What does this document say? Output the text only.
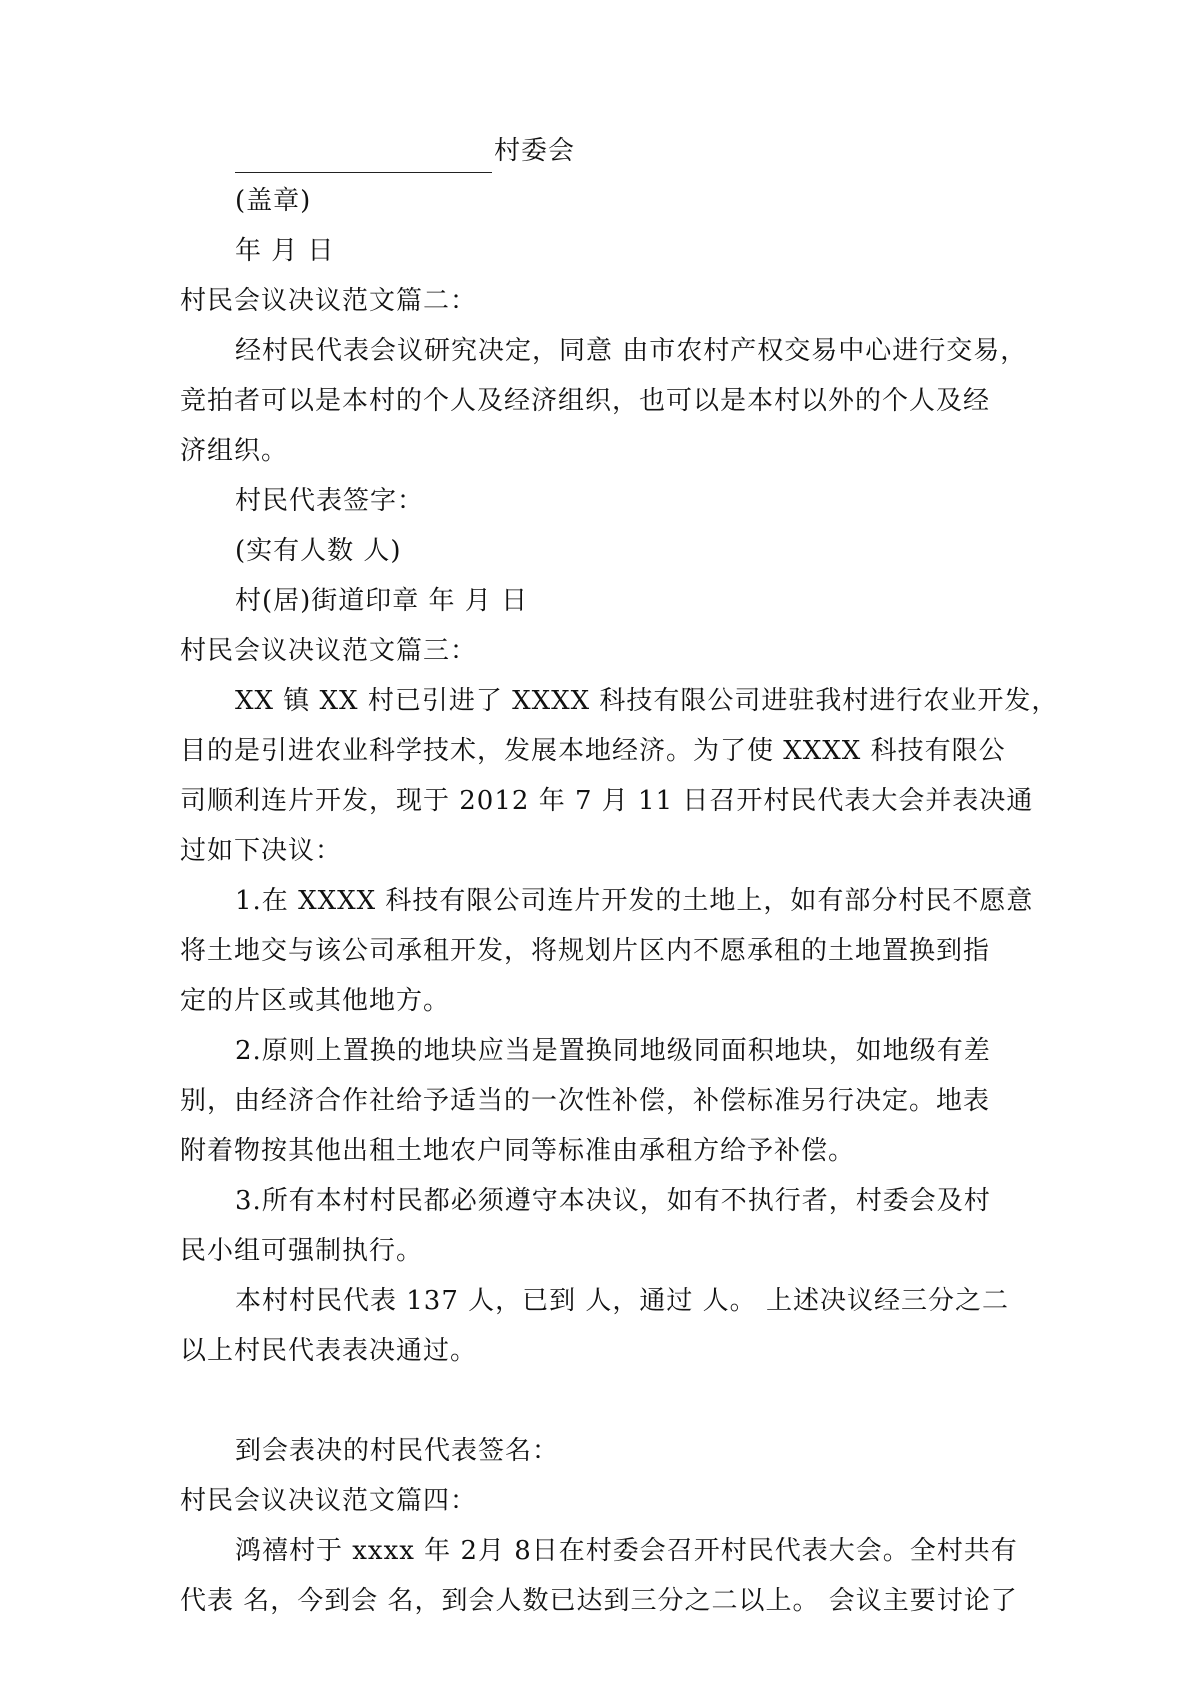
村委会
(盖章)
年 月 日
村民会议决议范文篇二：
经村民代表会议研究决定，同意 由市农村产权交易中心进行交易，
竞拍者可以是本村的个人及经济组织，也可以是本村以外的个人及经
济组织。
村民代表签字：
(实有人数 人)
村(居)街道印章 年 月 日
村民会议决议范文篇三：
XX 镇 XX 村已引进了 XXXX 科技有限公司进驻我村进行农业开发，
目的是引进农业科学技术，发展本地经济。为了使 XXXX 科技有限公
司顺利连片开发，现于 2012 年 7 月 11 日召开村民代表大会并表决通
过如下决议：
1.在 XXXX 科技有限公司连片开发的土地上，如有部分村民不愿意
将土地交与该公司承租开发，将规划片区内不愿承租的土地置换到指
定的片区或其他地方。
2.原则上置换的地块应当是置换同地级同面积地块，如地级有差
别，由经济合作社给予适当的一次性补偿，补偿标准另行决定。地表
附着物按其他出租土地农户同等标准由承租方给予补偿。
3.所有本村村民都必须遵守本决议，如有不执行者，村委会及村
民小组可强制执行。
本村村民代表 137 人，已到 人，通过 人。 上述决议经三分之二
以上村民代表表决通过。
到会表决的村民代表签名：
村民会议决议范文篇四：
鸿禧村于 xxxx 年 2月 8日在村委会召开村民代表大会。全村共有
代表 名，今到会 名，到会人数已达到三分之二以上。 会议主要讨论了
